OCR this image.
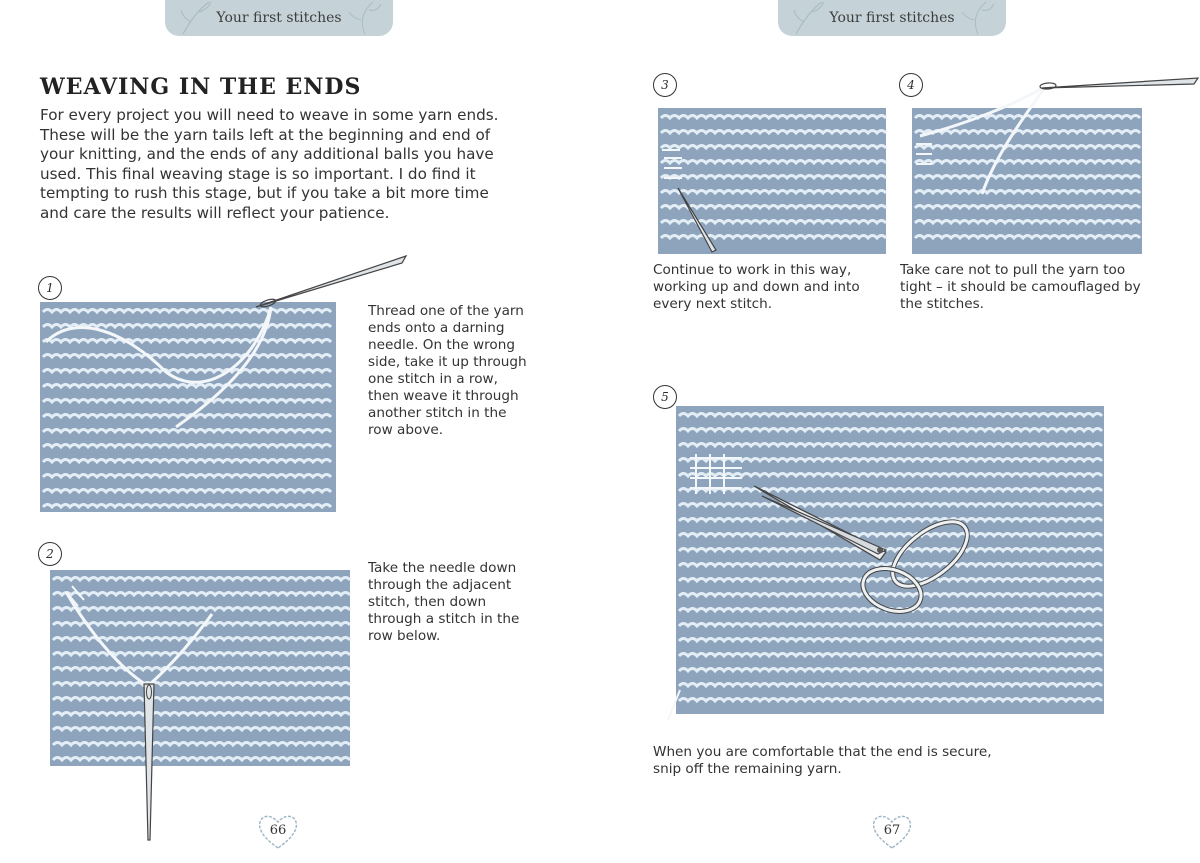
Your first stitches
WEAVING IN THE ENDS

For every project you will need to weave in some yarn ends. These will be the yarn tails left at the beginning and end of your knitting, and the ends of any additional balls you have used. This final weaving stage is so important. I do find it tempting to rush this stage, but if you take a bit more time and care the results will reflect your patience.

1

Thread one of the yarn ends onto a darning needle. On the wrong side, take it up through one stitch in a row, then weave it through another stitch in the row above.

2

Take the needle down through the adjacent stitch, then down through a stitch in the row below.

66
Your first stitches
3

Continue to work in this way, working up and down and into every next stitch.

4

Take care not to pull the yarn too tight – it should be camouflaged by the stitches.

5

When you are comfortable that the end is secure, snip off the remaining yarn.

67
